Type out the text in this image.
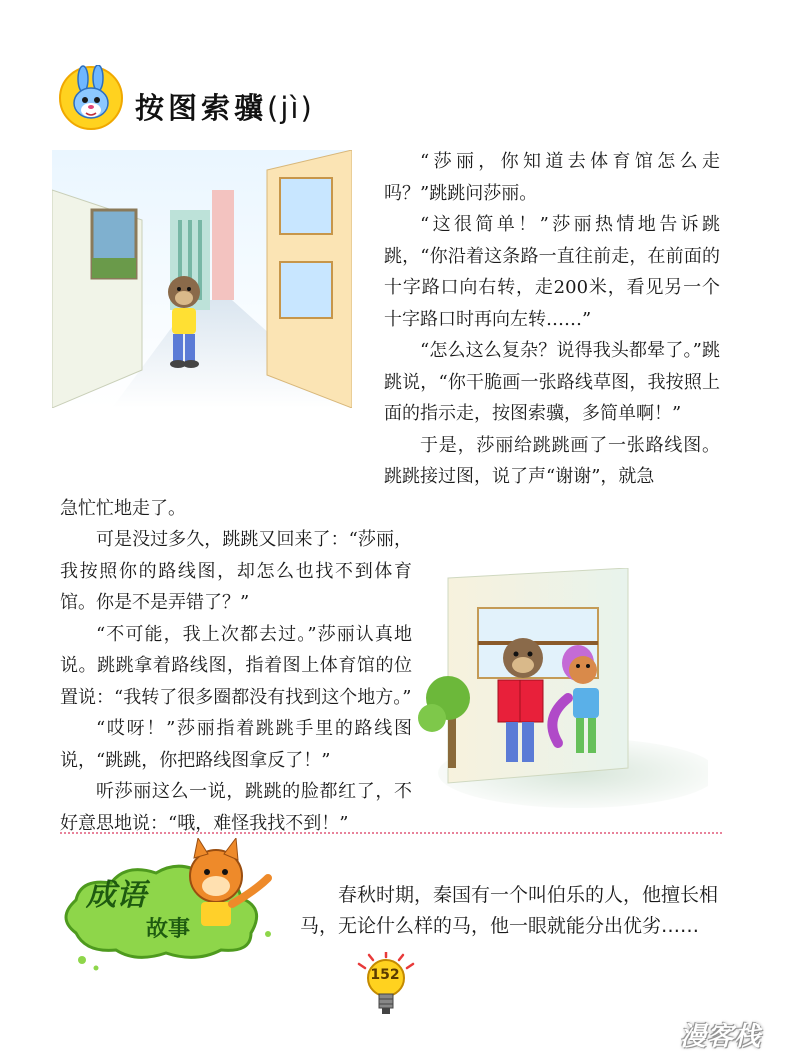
按图索骥(jì)
“莎丽，你知道去体育馆怎么走吗？”跳跳问莎丽。
“这很简单！”莎丽热情地告诉跳跳，“你沿着这条路一直往前走，在前面的十字路口向右转，走200米，看见另一个十字路口时再向左转……”
“怎么这么复杂？说得我头都晕了。”跳跳说，“你干脆画一张路线草图，我按照上面的指示走，按图索骥，多简单啊！”
于是，莎丽给跳跳画了一张路线图。跳跳接过图，说了声“谢谢”，就急
急忙忙地走了。
可是没过多久，跳跳又回来了：“莎丽，我按照你的路线图，却怎么也找不到体育馆。你是不是弄错了？”
“不可能，我上次都去过。”莎丽认真地说。跳跳拿着路线图，指着图上体育馆的位置说：“我转了很多圈都没有找到这个地方。”
“哎呀！”莎丽指着跳跳手里的路线图说，“跳跳，你把路线图拿反了！”
听莎丽这么一说，跳跳的脸都红了，不好意思地说：“哦，难怪我找不到！”
成语
故事
春秋时期，秦国有一个叫伯乐的人，他擅长相马，无论什么样的马，他一眼就能分出优劣……
152
漫客栈
